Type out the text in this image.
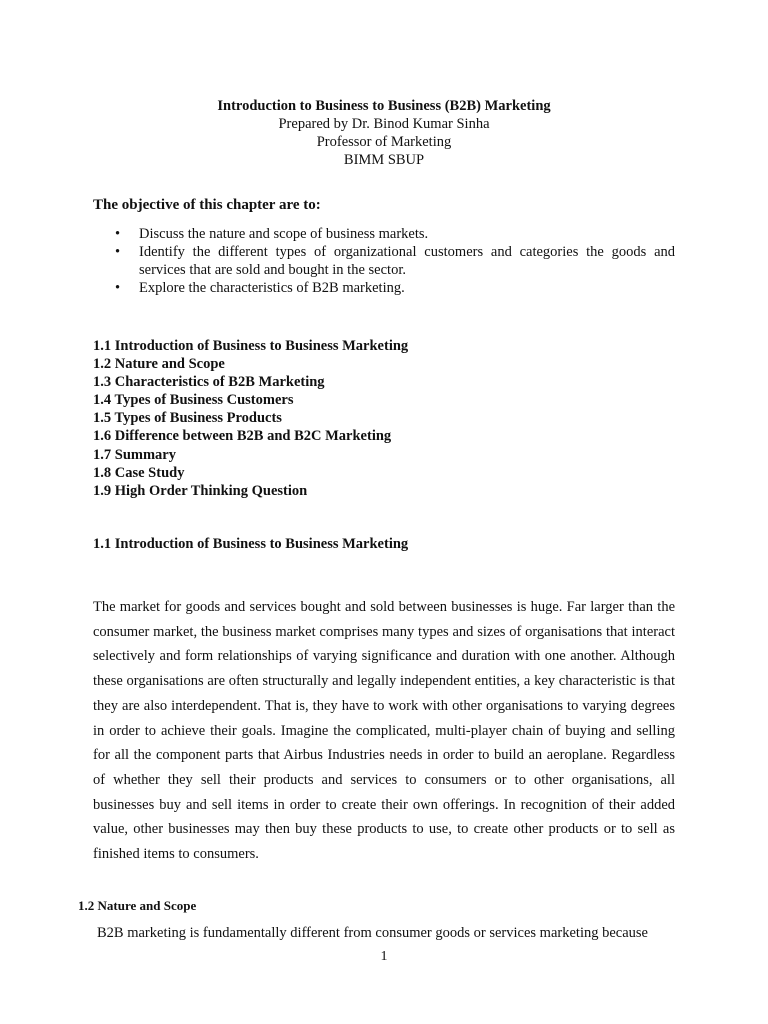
Introduction to Business to Business (B2B) Marketing
Prepared by Dr. Binod Kumar Sinha
Professor of Marketing
BIMM SBUP
The objective of this chapter are to:
• Discuss the nature and scope of business markets.
• Identify the different types of organizational customers and categories the goods and services that are sold and bought in the sector.
• Explore the characteristics of B2B marketing.
1.1 Introduction of Business to Business Marketing
1.2 Nature and Scope
1.3 Characteristics of B2B Marketing
1.4 Types of Business Customers
1.5 Types of Business Products
1.6 Difference between B2B and B2C Marketing
1.7 Summary
1.8 Case Study
1.9 High Order Thinking Question
1.1 Introduction of Business to Business Marketing

The market for goods and services bought and sold between businesses is huge. Far larger than the consumer market, the business market comprises many types and sizes of organisations that interact selectively and form relationships of varying significance and duration with one another. Although these organisations are often structurally and legally independent entities, a key characteristic is that they are also interdependent. That is, they have to work with other organisations to varying degrees in order to achieve their goals. Imagine the complicated, multi-player chain of buying and selling for all the component parts that Airbus Industries needs in order to build an aeroplane. Regardless of whether they sell their products and services to consumers or to other organisations, all businesses buy and sell items in order to create their own offerings. In recognition of their added value, other businesses may then buy these products to use, to create other products or to sell as finished items to consumers.

1.2 Nature and Scope
B2B marketing is fundamentally different from consumer goods or services marketing because
1
